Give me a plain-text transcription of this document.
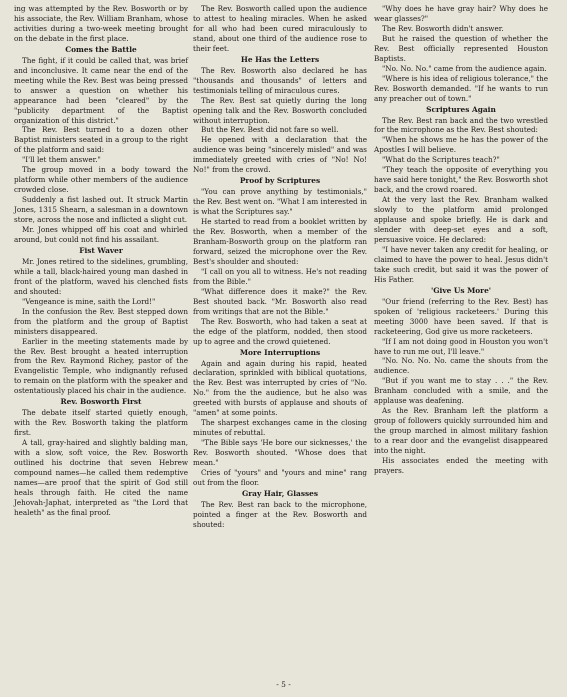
ing was attempted by the Rev. Bosworth or by his associate, the Rev. William Branham, whose activities during a two-week meeting brought on the debate in the first place.

Comes the Battle

The fight, if it could be called that, was brief and inconclusive. It came near the end of the meeting while the Rev. Best was being pressed to answer a question on whether his appearance had been "cleared" by the "publicity department of the Baptist organization of this district."

The Rev. Best turned to a dozen other Baptist ministers seated in a group to the right of the platform and said:

"I'll let them answer."

The group moved in a body toward the platform while other members of the audience crowded close.

Suddenly a fist lashed out. It struck Martin Jones, 1315 Shearn, a salesman in a downtown store, across the nose and inflicted a slight cut.

Mr. Jones whipped off his coat and whirled around, but could not find his assailant.

Fist Waver

Mr. Jones retired to the sidelines, grumbling, while a tall, black-haired young man dashed in front of the platform, waved his clenched fists and shouted:

"Vengeance is mine, saith the Lord!"

In the confusion the Rev. Best stepped down from the platform and the group of Baptist ministers disappeared.

Earlier in the meeting statements made by the Rev. Best brought a heated interruption from the Rev. Raymond Richey, pastor of the Evangelistic Temple, who indignantly refused to remain on the platform with the speaker and ostentatiously placed his chair in the audience.

Rev. Bosworth First

The debate itself started quietly enough, with the Rev. Bosworth taking the platform first.

A tall, gray-haired and slightly balding man, with a slow, soft voice, the Rev. Bosworth outlined his doctrine that seven Hebrew compound names—he called them redemptive names—are proof that the spirit of God still heals through faith. He cited the name Jehovah-Japhat, interpreted as "the Lord that healeth" as the final proof.

The Rev. Bosworth called upon the audience to attest to healing miracles. When he asked for all who had been cured miraculously to stand, about one third of the audience rose to their feet.

He Has the Letters

The Rev. Bosworth also declared he has "thousands and thousands" of letters and testimonials telling of miraculous cures.

The Rev. Best sat quietly during the long opening talk and the Rev. Bosworth concluded without interruption.

But the Rev. Best did not fare so well.

He opened with a declaration that the audience was being "sincerely misled" and was immediately greeted with cries of "No! No! No!" from the crowd.

Proof by Scriptures

"You can prove anything by testimonials," the Rev. Best went on. "What I am interested in is what the Scriptures say."

He started to read from a booklet written by the Rev. Bosworth, when a member of the Branham-Bosworth group on the platform ran forward, seized the microphone over the Rev. Best's shoulder and shouted:

"I call on you all to witness. He's not reading from the Bible."

"What difference does it make?" the Rev. Best shouted back. "Mr. Bosworth also read from writings that are not the Bible."

The Rev. Bosworth, who had taken a seat at the edge of the platform, nodded, then stood up to agree and the crowd quietened.

More Interruptions

Again and again during his rapid, heated declaration, sprinkled with biblical quotations, the Rev. Best was interrupted by cries of "No. No." from the the audience, but he also was greeted with bursts of applause and shouts of "amen" at some points.

The sharpest exchanges came in the closing minutes of rebuttal.

"The Bible says 'He bore our sicknesses,' the Rev. Bosworth shouted. "Whose does that mean."

Cries of "yours" and "yours and mine" rang out from the floor.

Gray Hair, Glasses

The Rev. Best ran back to the microphone, pointed a finger at the Rev. Bosworth and shouted:

"Why does he have gray hair? Why does he wear glasses?"

The Rev. Bosworth didn't answer.

But he raised the question of whether the Rev. Best officially represented Houston Baptists.

"No. No. No." came from the audience again.

"Where is his idea of religious tolerance," the Rev. Bosworth demanded. "If he wants to run any preacher out of town."

Scriptures Again

The Rev. Best ran back and the two wrestled for the microphone as the Rev. Best shouted:

"When he shows me he has the power of the Apostles I will believe.

"What do the Scriptures teach?"

"They teach the opposite of everything you have said here tonight," the Rev. Bosworth shot back, and the crowd roared.

At the very last the Rev. Branham walked slowly to the platform amid prolonged applause and spoke briefly. He is dark and slender with deep-set eyes and a soft, persuasive voice. He declared:

"I have never taken any credit for healing, or claimed to have the power to heal. Jesus didn't take such credit, but said it was the power of His Father.

'Give Us More'

"Our friend (referring to the Rev. Best) has spoken of 'religious racketeers.' During this meeting 3000 have been saved. If that is racketeering, God give us more racketeers.

"If I am not doing good in Houston you won't have to run me out, I'll leave."

"No. No. No. No. came the shouts from the audience.

"But if you want me to stay . . ." the Rev. Branham concluded with a smile, and the applause was deafening.

As the Rev. Branham left the platform a group of followers quickly surrounded him and the group marched in almost military fashion to a rear door and the evangelist disappeared into the night.

His associates ended the meeting with prayers.

- 5 -
